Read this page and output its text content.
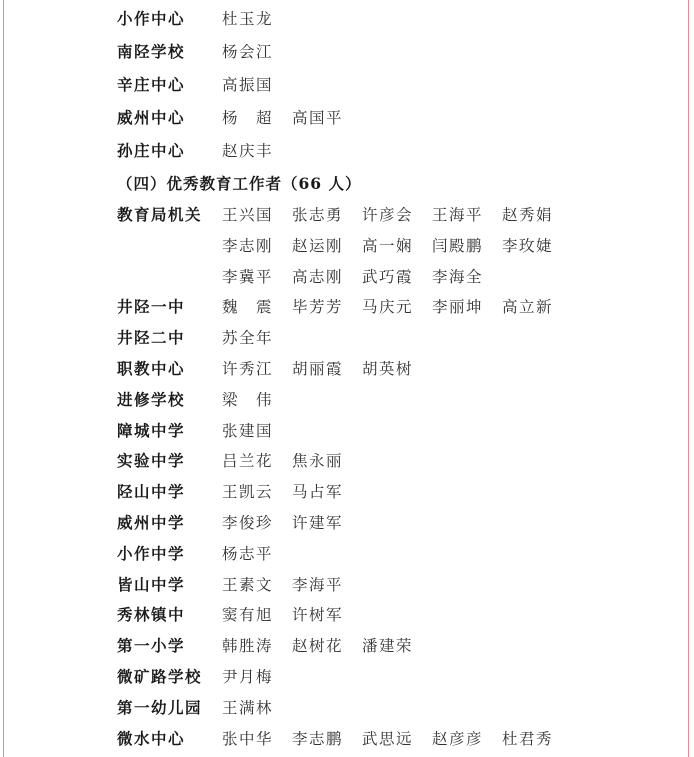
小作中心 杜玉龙
南陉学校 杨会江
辛庄中心 高振国
威州中心 杨　超 高国平
孙庄中心 赵庆丰
（四）优秀教育工作者（66 人）
教育局机关 王兴国 张志勇 许彦会 王海平 赵秀娟
李志刚 赵运刚 高一娴 闫殿鹏 李玫婕
李冀平 高志刚 武巧霞 李海全
井陉一中 魏　震 毕芳芳 马庆元 李丽坤 高立新
井陉二中 苏全年
职教中心 许秀江 胡丽霞 胡英树
进修学校 梁　伟
障城中学 张建国
实验中学 吕兰花 焦永丽
陉山中学 王凯云 马占军
威州中学 李俊珍 许建军
小作中学 杨志平
皆山中学 王素文 李海平
秀林镇中 窦有旭 许树军
第一小学 韩胜涛 赵树花 潘建荣
微矿路学校 尹月梅
第一幼儿园 王满林
微水中心 张中华 李志鹏 武思远 赵彦彦 杜君秀
